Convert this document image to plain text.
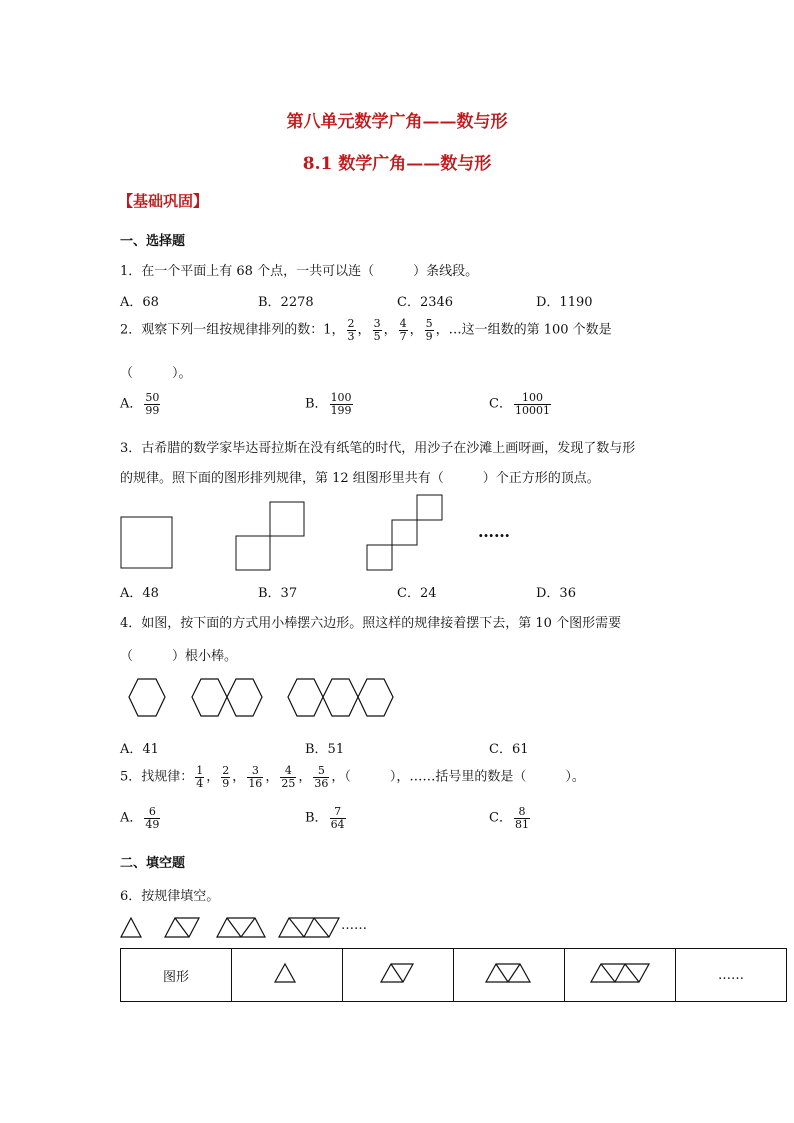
第八单元数学广角——数与形
8.1 数学广角——数与形
【基础巩固】
一、选择题
1．在一个平面上有 68 个点，一共可以连（　　　）条线段。
A．68	B．2278	C．2346	D．1190
2．观察下列一组按规律排列的数：1， $\frac{2}{3}$ ， $\frac{3}{5}$ ， $\frac{4}{7}$ ， $\frac{5}{9}$ ，…这一组数的第 100 个数是
（　　　）。
A． $\frac{50}{99}$	B． $\frac{100}{199}$	C． $\frac{100}{10001}$
3．古希腊的数学家毕达哥拉斯在没有纸笔的时代，用沙子在沙滩上画呀画，发现了数与形
的规律。照下面的图形排列规律，第 12 组图形里共有（　　　）个正方形的顶点。
……
A．48	B．37	C．24	D．36
4．如图，按下面的方式用小棒摆六边形。照这样的规律接着摆下去，第 10 个图形需要
（　　　）根小棒。
A．41	B．51	C．61
5．找规律： $\frac{1}{4}$ ， $\frac{2}{9}$ ， $\frac{3}{16}$ ， $\frac{4}{25}$ ， $\frac{5}{36}$ ，（　　　），……括号里的数是（　　　）。
A． $\frac{6}{49}$	B． $\frac{7}{64}$	C． $\frac{8}{81}$
二、填空题
6．按规律填空。
……
图形					……
